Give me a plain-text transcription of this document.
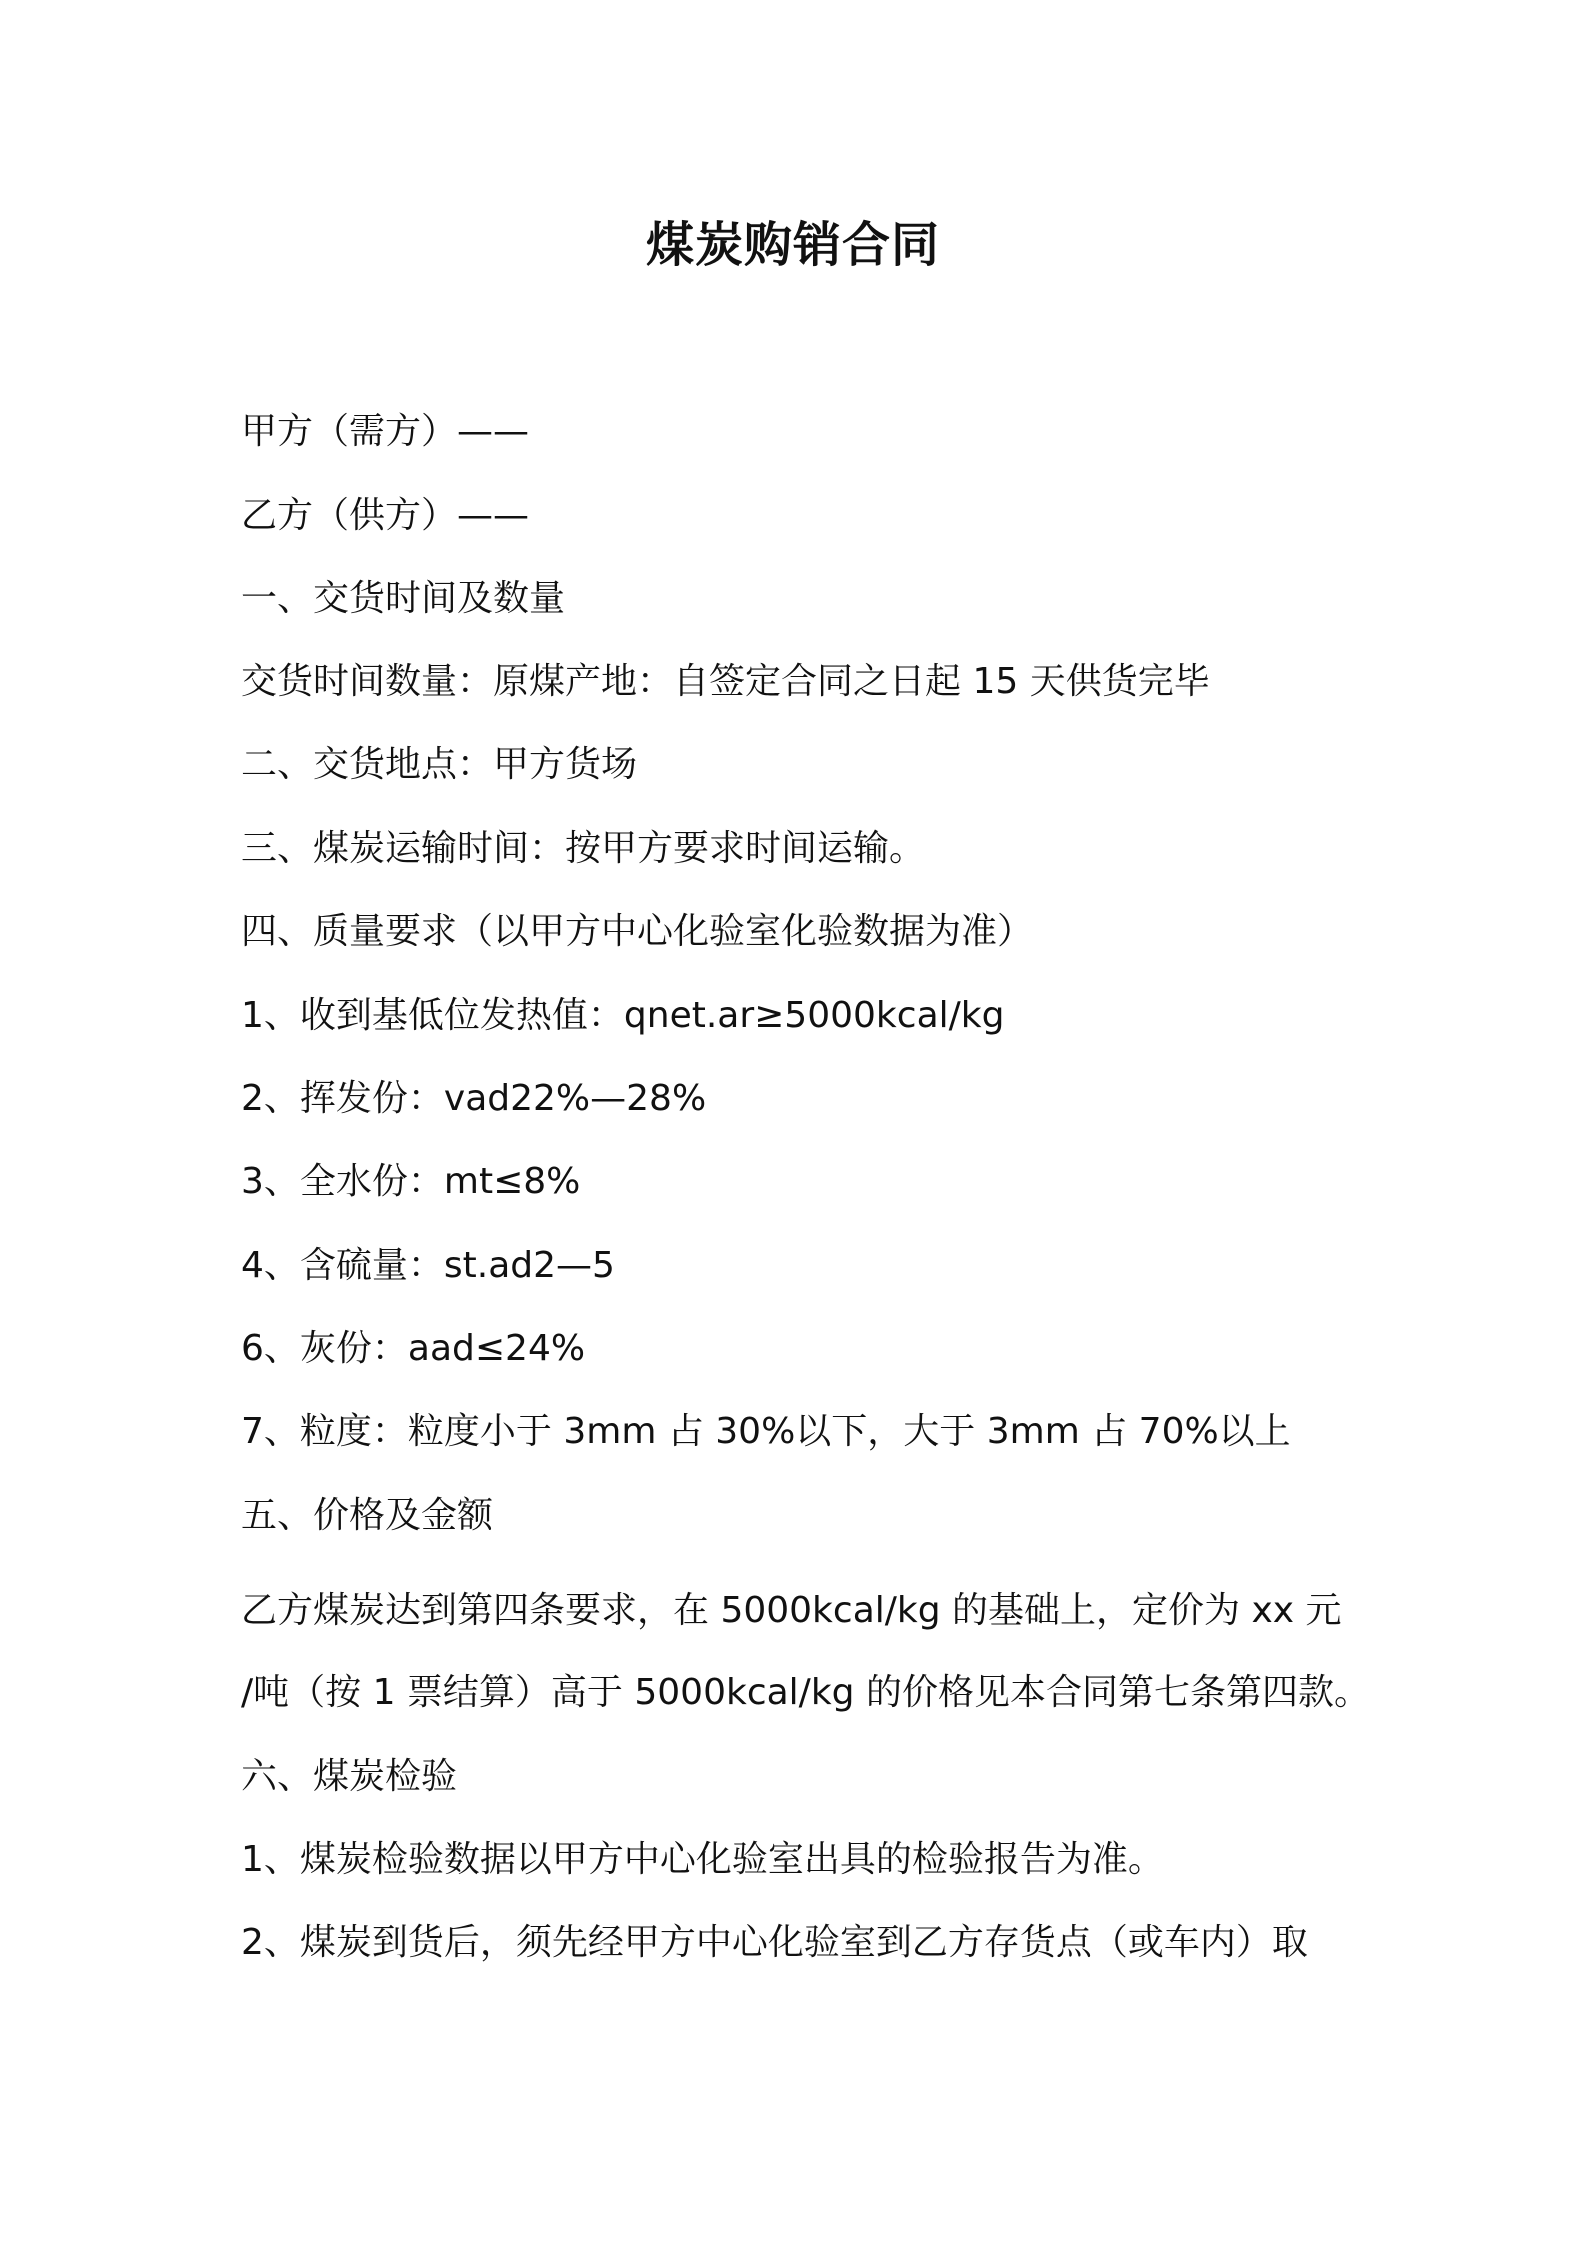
煤炭购销合同
甲方（需方）——
乙方（供方）——
一、交货时间及数量
交货时间数量：原煤产地：自签定合同之日起 15 天供货完毕
二、交货地点：甲方货场
三、煤炭运输时间：按甲方要求时间运输。
四、质量要求（以甲方中心化验室化验数据为准）
1、收到基低位发热值：qnet.ar≥5000kcal/kg
2、挥发份：vad22%—28%
3、全水份：mt≤8%
4、含硫量：st.ad2—5
6、灰份：aad≤24%
7、粒度：粒度小于 3mm 占 30%以下，大于 3mm 占 70%以上
五、价格及金额
乙方煤炭达到第四条要求，在 5000kcal/kg 的基础上，定价为 xx 元
/吨（按 1 票结算）高于 5000kcal/kg 的价格见本合同第七条第四款。
六、煤炭检验
1、煤炭检验数据以甲方中心化验室出具的检验报告为准。
2、煤炭到货后，须先经甲方中心化验室到乙方存货点（或车内）取
